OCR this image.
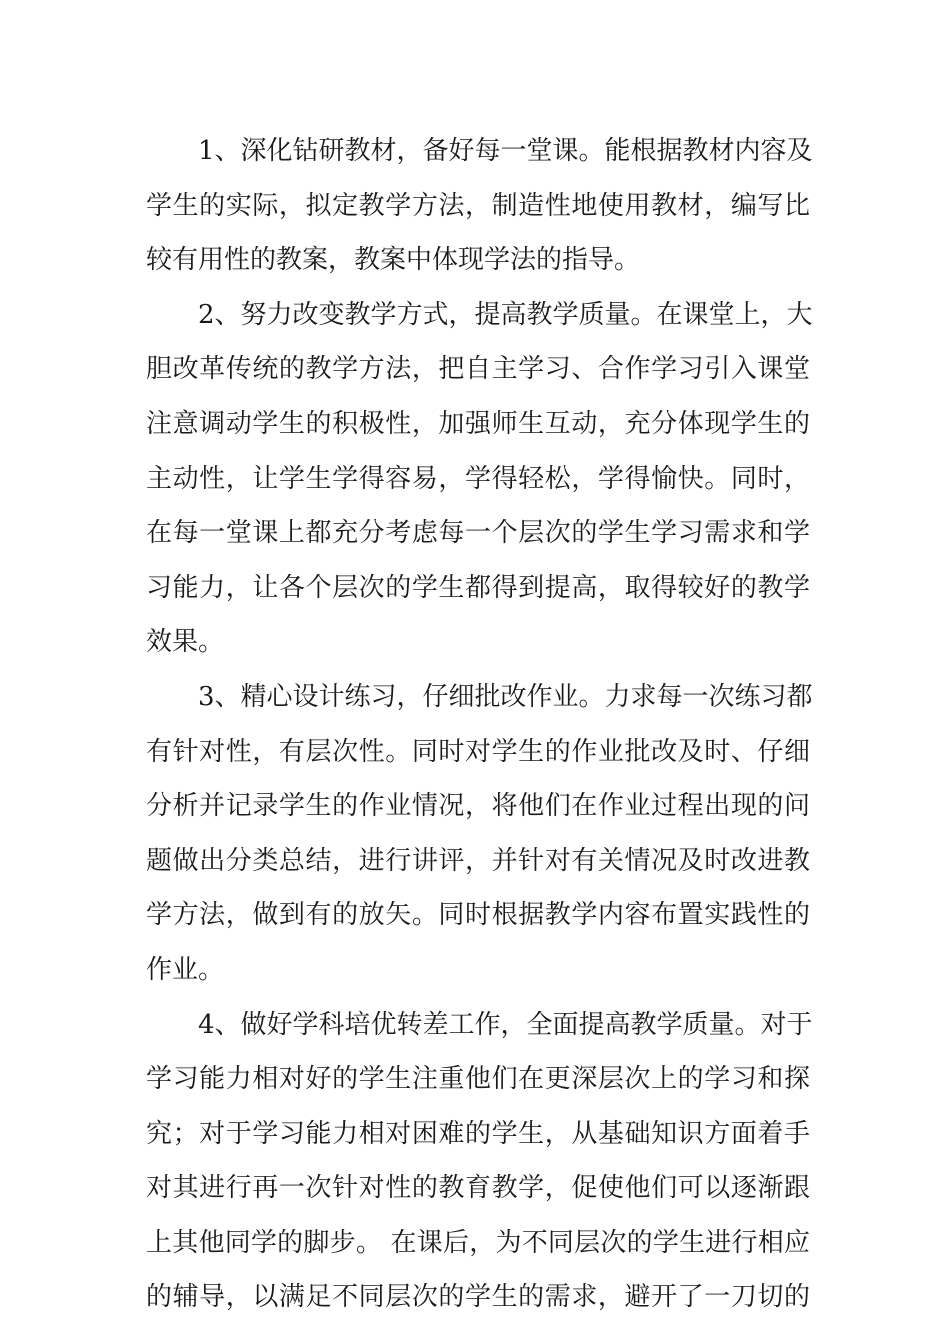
1、深化钻研教材，备好每一堂课。能根据教材内容及
学生的实际，拟定教学方法，制造性地使用教材，编写比
较有用性的教案，教案中体现学法的指导。
2、努力改变教学方式，提高教学质量。在课堂上，大
胆改革传统的教学方法，把自主学习、合作学习引入课堂
注意调动学生的积极性，加强师生互动，充分体现学生的
主动性，让学生学得容易，学得轻松，学得愉快。同时，
在每一堂课上都充分考虑每一个层次的学生学习需求和学
习能力，让各个层次的学生都得到提高，取得较好的教学
效果。
3、精心设计练习，仔细批改作业。力求每一次练习都
有针对性，有层次性。同时对学生的作业批改及时、仔细
分析并记录学生的作业情况，将他们在作业过程出现的问
题做出分类总结，进行讲评，并针对有关情况及时改进教
学方法，做到有的放矢。同时根据教学内容布置实践性的
作业。
4、做好学科培优转差工作，全面提高教学质量。对于
学习能力相对好的学生注重他们在更深层次上的学习和探
究；对于学习能力相对困难的学生，从基础知识方面着手
对其进行再一次针对性的教育教学，促使他们可以逐渐跟
上其他同学的脚步。 在课后，为不同层次的学生进行相应
的辅导，以满足不同层次的学生的需求，避开了一刀切的
